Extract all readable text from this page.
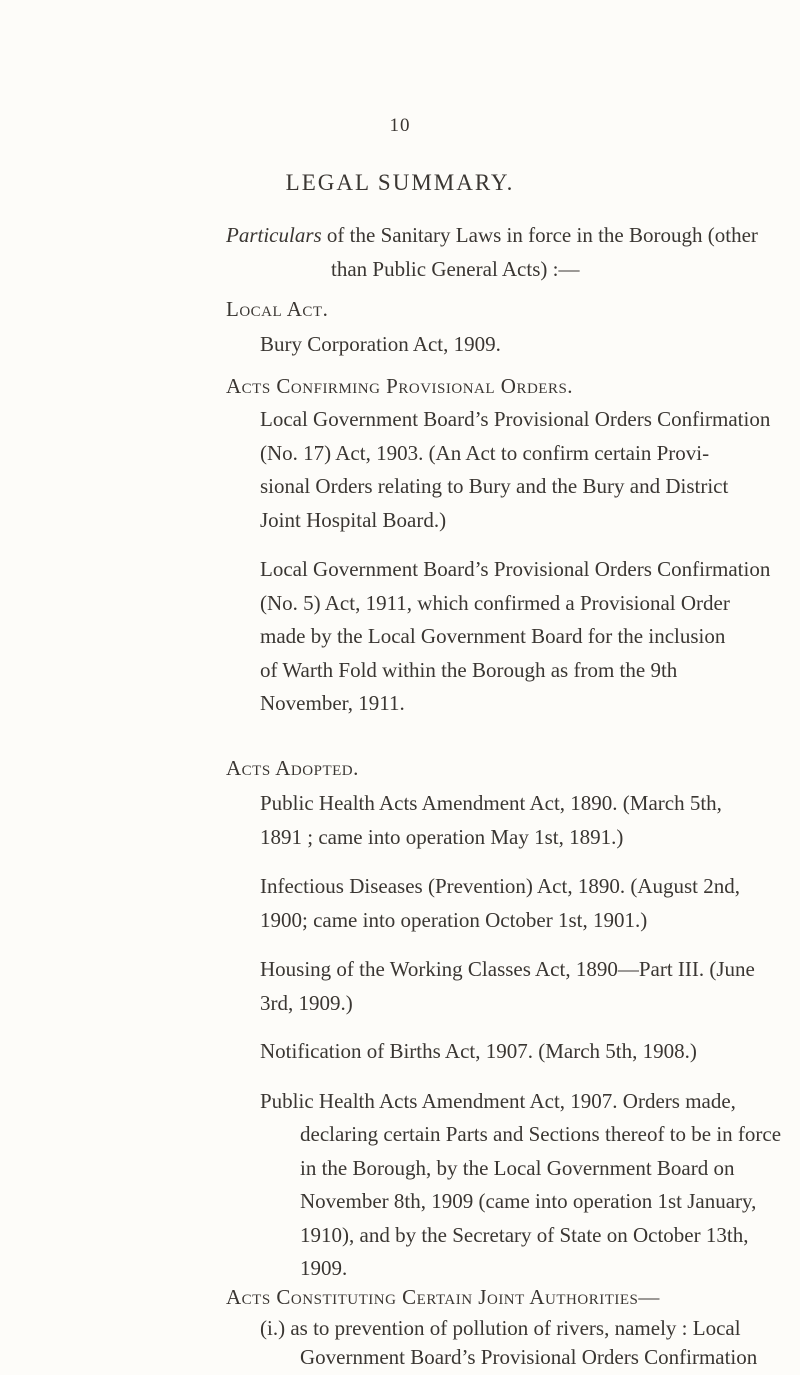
10
LEGAL SUMMARY.
Particulars of the Sanitary Laws in force in the Borough (other
than Public General Acts) :—
Local Act.
Bury Corporation Act, 1909.
Acts Confirming Provisional Orders.
Local Government Board’s Provisional Orders Confirmation
(No. 17) Act, 1903. (An Act to confirm certain Provi-
sional Orders relating to Bury and the Bury and District
Joint Hospital Board.)
Local Government Board’s Provisional Orders Confirmation
(No. 5) Act, 1911, which confirmed a Provisional Order
made by the Local Government Board for the inclusion
of Warth Fold within the Borough as from the 9th
November, 1911.
Acts Adopted.
Public Health Acts Amendment Act, 1890. (March 5th,
1891 ; came into operation May 1st, 1891.)
Infectious Diseases (Prevention) Act, 1890. (August 2nd,
1900; came into operation October 1st, 1901.)
Housing of the Working Classes Act, 1890—Part III. (June
3rd, 1909.)
Notification of Births Act, 1907. (March 5th, 1908.)
Public Health Acts Amendment Act, 1907. Orders made,
declaring certain Parts and Sections thereof to be in force in the Borough, by the Local Government Board on November 8th, 1909 (came into operation 1st January, 1910), and by the Secretary of State on October 13th, 1909.
Acts Constituting Certain Joint Authorities—
(i.) as to prevention of pollution of rivers, namely : Local
Government Board’s Provisional Orders Confirmation
